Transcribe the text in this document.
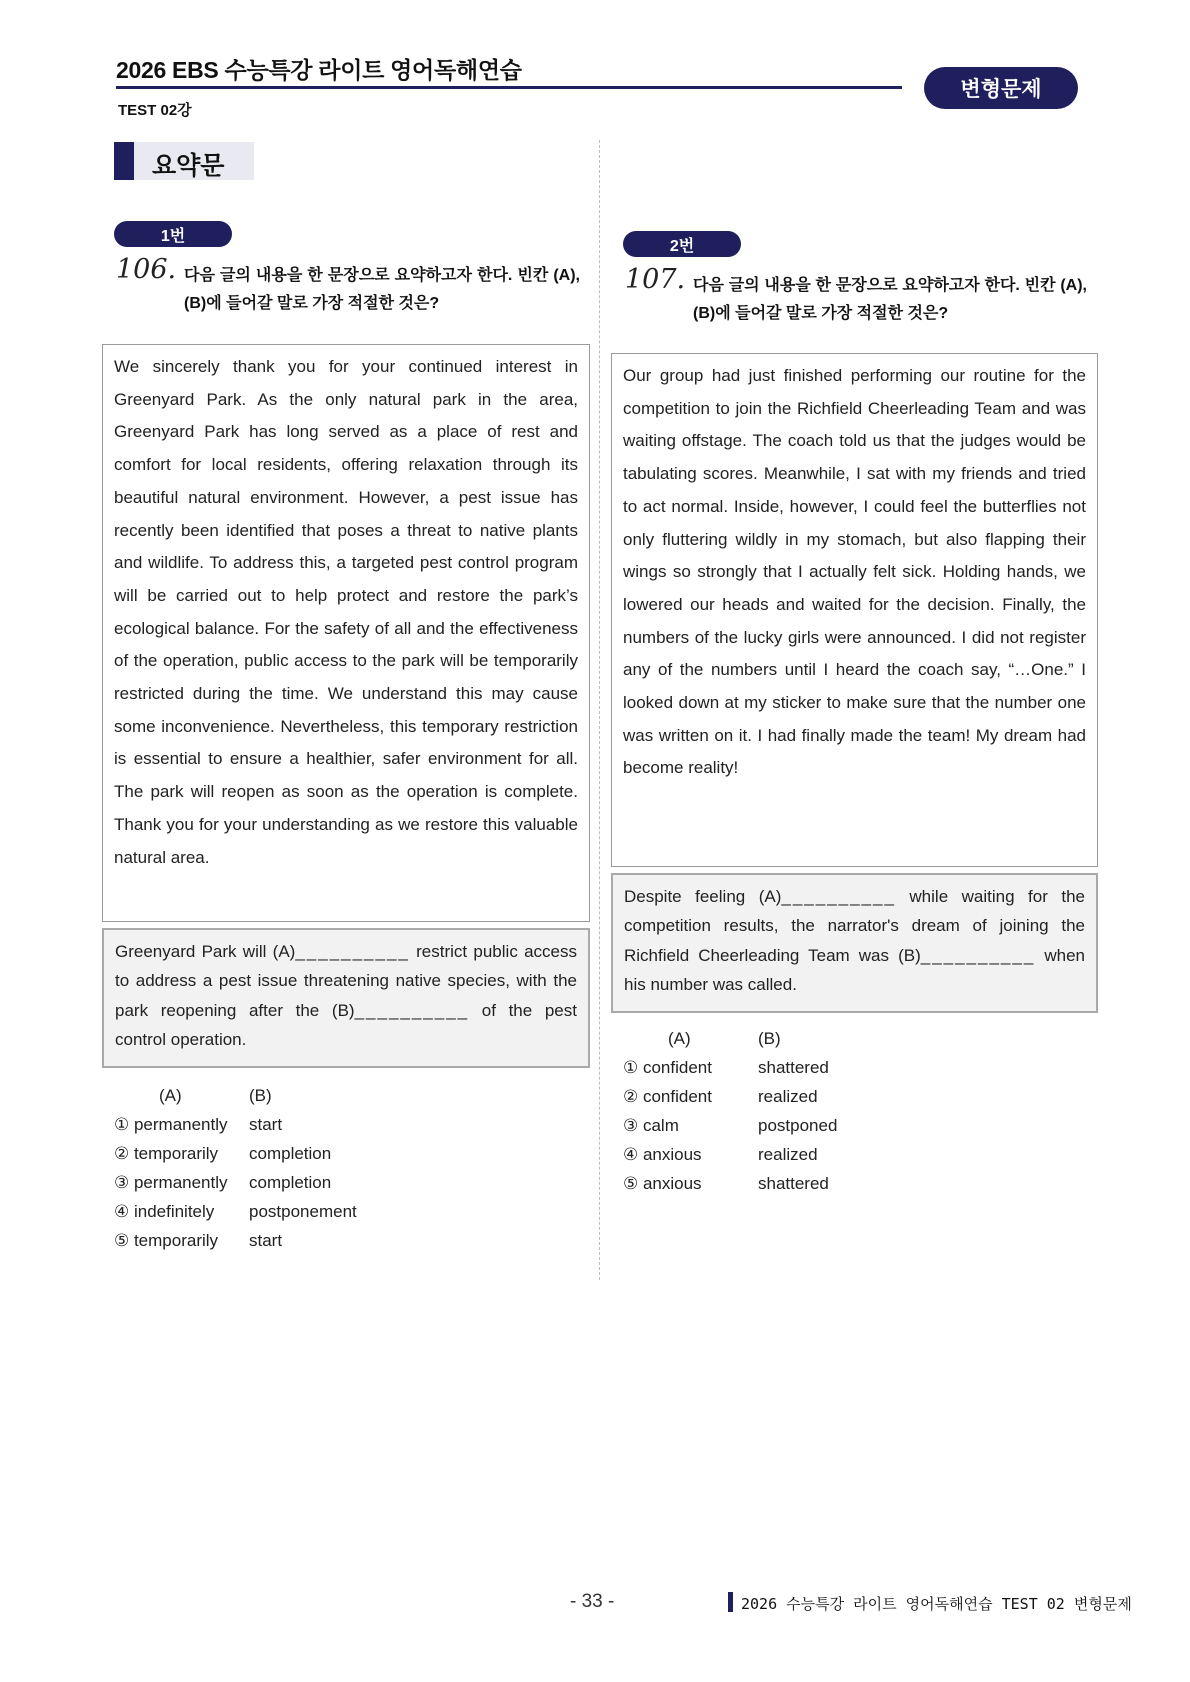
2026 EBS 수능특강 라이트 영어독해연습
변형문제
TEST 02강
요약문
1번
106. 다음 글의 내용을 한 문장으로 요약하고자 한다. 빈칸 (A),
(B)에 들어갈 말로 가장 적절한 것은?
We sincerely thank you for your continued interest in Greenyard Park. As the only natural park in the area, Greenyard Park has long served as a place of rest and comfort for local residents, offering relaxation through its beautiful natural environment. However, a pest issue has recently been identified that poses a threat to native plants and wildlife. To address this, a targeted pest control program will be carried out to help protect and restore the park’s ecological balance. For the safety of all and the effectiveness of the operation, public access to the park will be temporarily restricted during the time. We understand this may cause some inconvenience. Nevertheless, this temporary restriction is essential to ensure a healthier, safer environment for all. The park will reopen as soon as the operation is complete. Thank you for your understanding as we restore this valuable natural area.
Greenyard Park will (A)__________ restrict public access to address a pest issue threatening native species, with the park reopening after the (B)__________ of the pest control operation.
(A)	(B)
① permanently	start
② temporarily	completion
③ permanently	completion
④ indefinitely	postponement
⑤ temporarily	start
2번
107. 다음 글의 내용을 한 문장으로 요약하고자 한다. 빈칸 (A),
(B)에 들어갈 말로 가장 적절한 것은?
Our group had just finished performing our routine for the competition to join the Richfield Cheerleading Team and was waiting offstage. The coach told us that the judges would be tabulating scores. Meanwhile, I sat with my friends and tried to act normal. Inside, however, I could feel the butterflies not only fluttering wildly in my stomach, but also flapping their wings so strongly that I actually felt sick. Holding hands, we lowered our heads and waited for the decision. Finally, the numbers of the lucky girls were announced. I did not register any of the numbers until I heard the coach say, “…One.” I looked down at my sticker to make sure that the number one was written on it. I had finally made the team! My dream had become reality!
Despite feeling (A)__________ while waiting for the competition results, the narrator's dream of joining the Richfield Cheerleading Team was (B)__________ when his number was called.
(A)	(B)
① confident	shattered
② confident	realized
③ calm	postponed
④ anxious	realized
⑤ anxious	shattered
- 33 -	2026 수능특강 라이트 영어독해연습 TEST 02 변형문제
